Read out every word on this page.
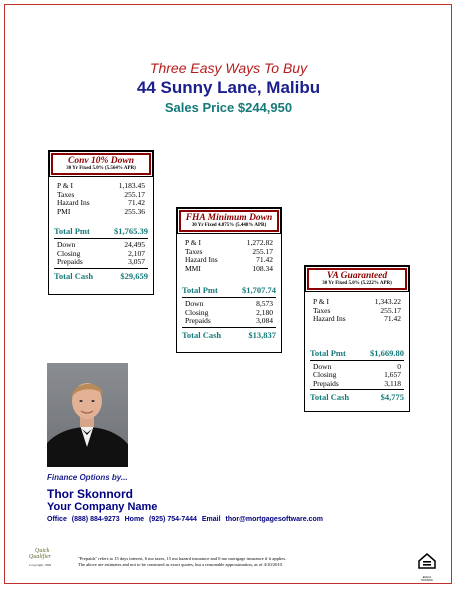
Three Easy Ways To Buy
44 Sunny Lane, Malibu
Sales Price $244,950
Conv 10% Down
30 Yr Fixed 5.0% (5.564% APR)
P & I	1,183.45
Taxes	255.17
Hazard Ins	71.42
PMI	255.36
Total Pmt	$1,765.39
Down	24,495
Closing	2,107
Prepaids	3,057
Total Cash	$29,659
FHA Minimum Down
30 Yr Fixed 4.875% (5.448% APR)
P & I	1,272.82
Taxes	255.17
Hazard Ins	71.42
MMI	108.34
Total Pmt	$1,707.74
Down	8,573
Closing	2,180
Prepaids	3,084
Total Cash	$13,837
VA Guaranteed
30 Yr Fixed 5.0% (5.222% APR)
P & I	1,343.22
Taxes	255.17
Hazard Ins	71.42
Total Pmt	$1,669.80
Down	0
Closing	1,657
Prepaids	3,118
Total Cash	$4,775
Finance Options by...
Thor Skonnord
Your Company Name
Office (888) 884-9273 Home (925) 754-7444 Email thor@mortgagesoftware.com
Quick
Qualifier
Copyright 1999
"Prepaids" refers to 15 days interest, 6 mo taxes, 15 mo hazard insurance and 0 mo mortgage insurance if it applies.
The above are estimates and not to be construed as exact quotes, but a reasonable approximation, as of 4/10/2010.
EQUAL HOUSING
